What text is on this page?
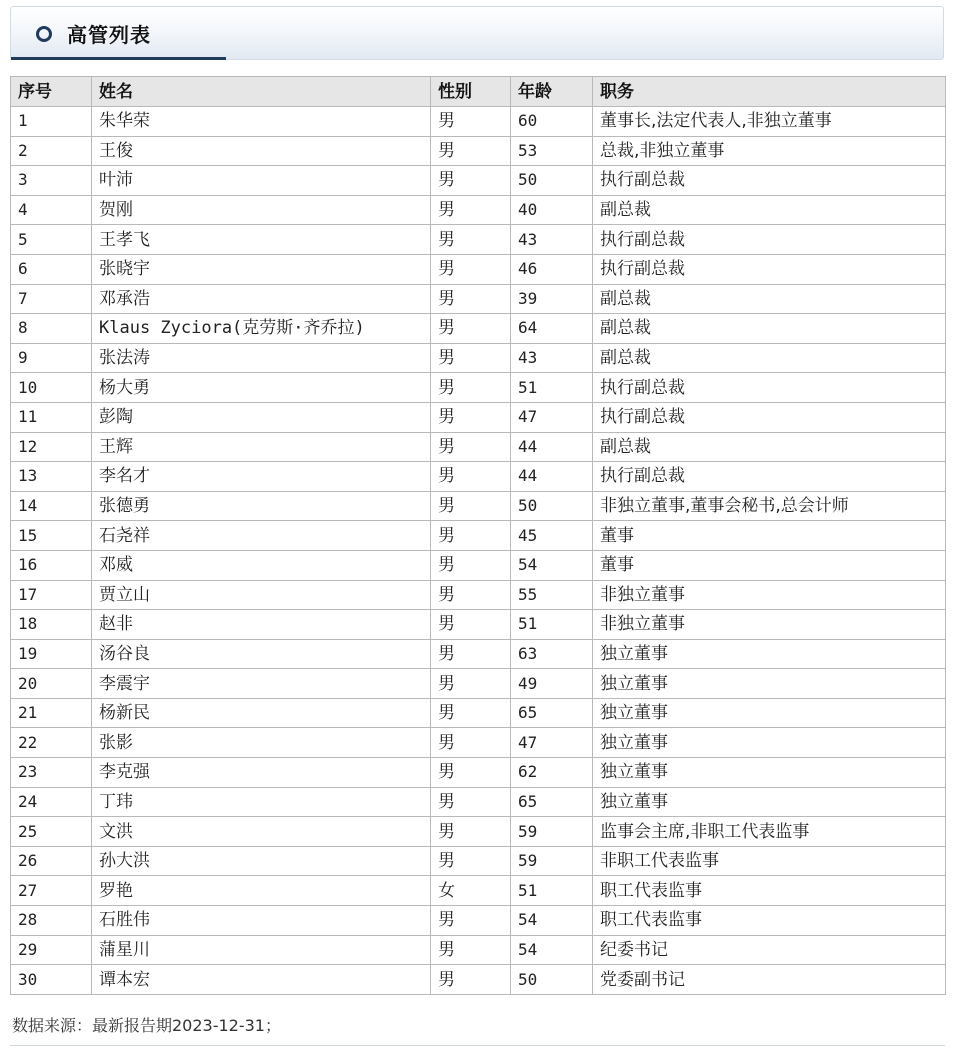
高管列表
序号	姓名	性别	年龄	职务
1	朱华荣	男	60	董事长,法定代表人,非独立董事
2	王俊	男	53	总裁,非独立董事
3	叶沛	男	50	执行副总裁
4	贺刚	男	40	副总裁
5	王孝飞	男	43	执行副总裁
6	张晓宇	男	46	执行副总裁
7	邓承浩	男	39	副总裁
8	Klaus Zyciora(克劳斯·齐乔拉)	男	64	副总裁
9	张法涛	男	43	副总裁
10	杨大勇	男	51	执行副总裁
11	彭陶	男	47	执行副总裁
12	王辉	男	44	副总裁
13	李名才	男	44	执行副总裁
14	张德勇	男	50	非独立董事,董事会秘书,总会计师
15	石尧祥	男	45	董事
16	邓威	男	54	董事
17	贾立山	男	55	非独立董事
18	赵非	男	51	非独立董事
19	汤谷良	男	63	独立董事
20	李震宇	男	49	独立董事
21	杨新民	男	65	独立董事
22	张影	男	47	独立董事
23	李克强	男	62	独立董事
24	丁玮	男	65	独立董事
25	文洪	男	59	监事会主席,非职工代表监事
26	孙大洪	男	59	非职工代表监事
27	罗艳	女	51	职工代表监事
28	石胜伟	男	54	职工代表监事
29	蒲星川	男	54	纪委书记
30	谭本宏	男	50	党委副书记
数据来源：最新报告期2023-12-31；
